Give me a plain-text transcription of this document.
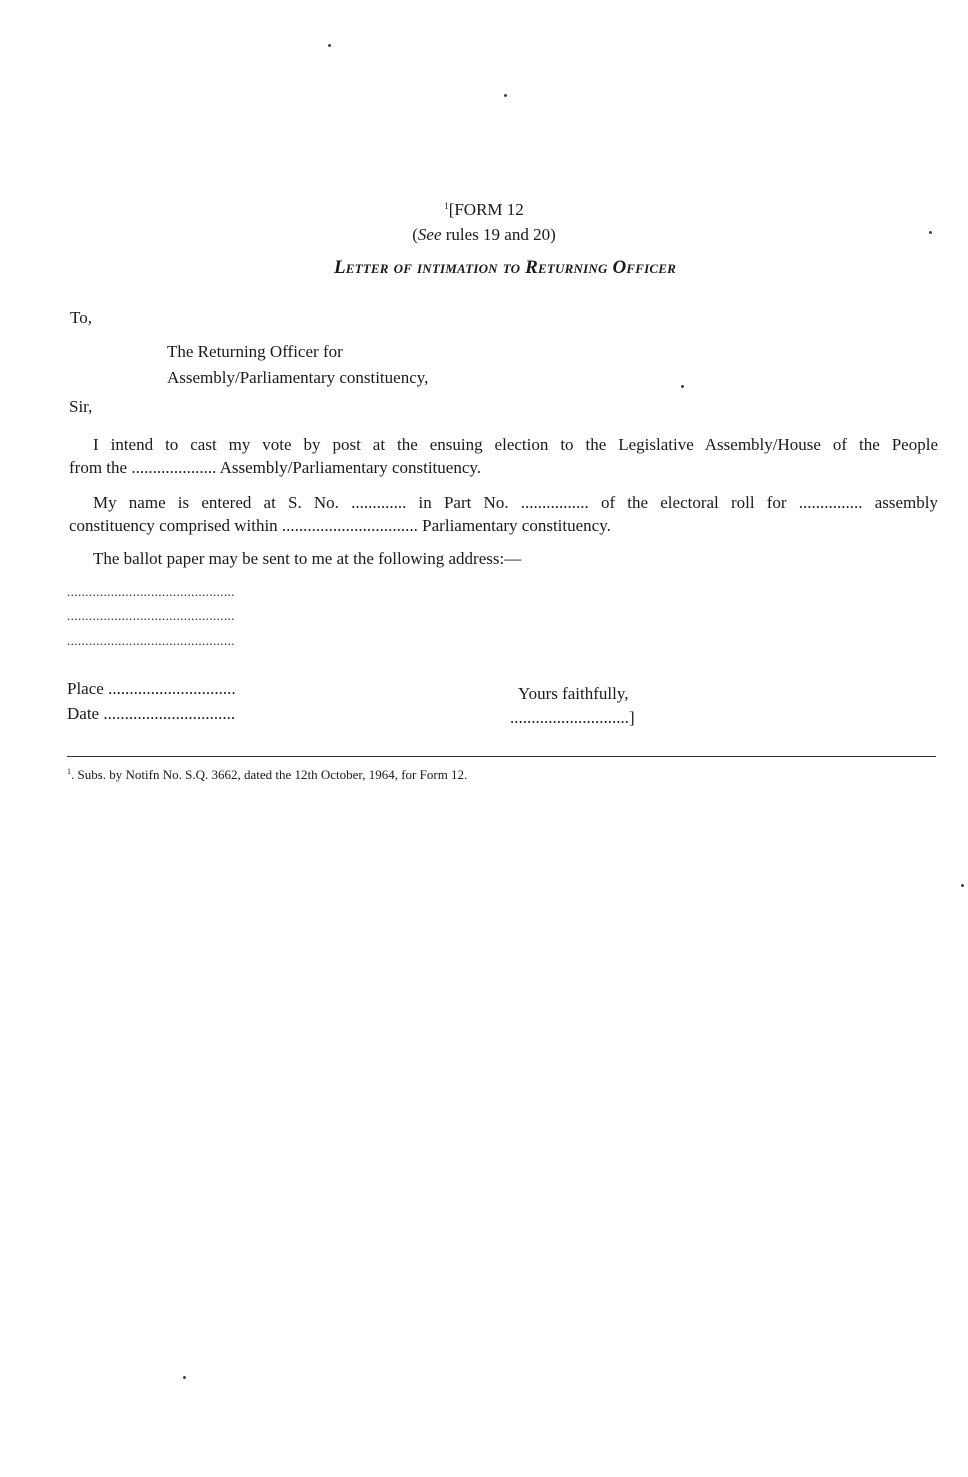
$^1$[FORM 12

(See rules 19 and 20)

Letter of intimation to Returning Officer

To,

The Returning Officer for

Assembly/Parliamentary constituency,

Sir,

I intend to cast my vote by post at the ensuing election to the Legislative Assembly/House of the People

from the .................... Assembly/Parliamentary constituency.

My name is entered at S. No. ............. in Part No. ................ of the electoral roll for ............... assembly

constituency comprised within ................................ Parliamentary constituency.

The ballot paper may be sent to me at the following address:—

..............................................

..............................................

..............................................

Place ..............................

Date ...............................

Yours faithfully,

............................]

$^1$. Subs. by Notifn No. S.Q. 3662, dated the 12th October, 1964, for Form 12.
